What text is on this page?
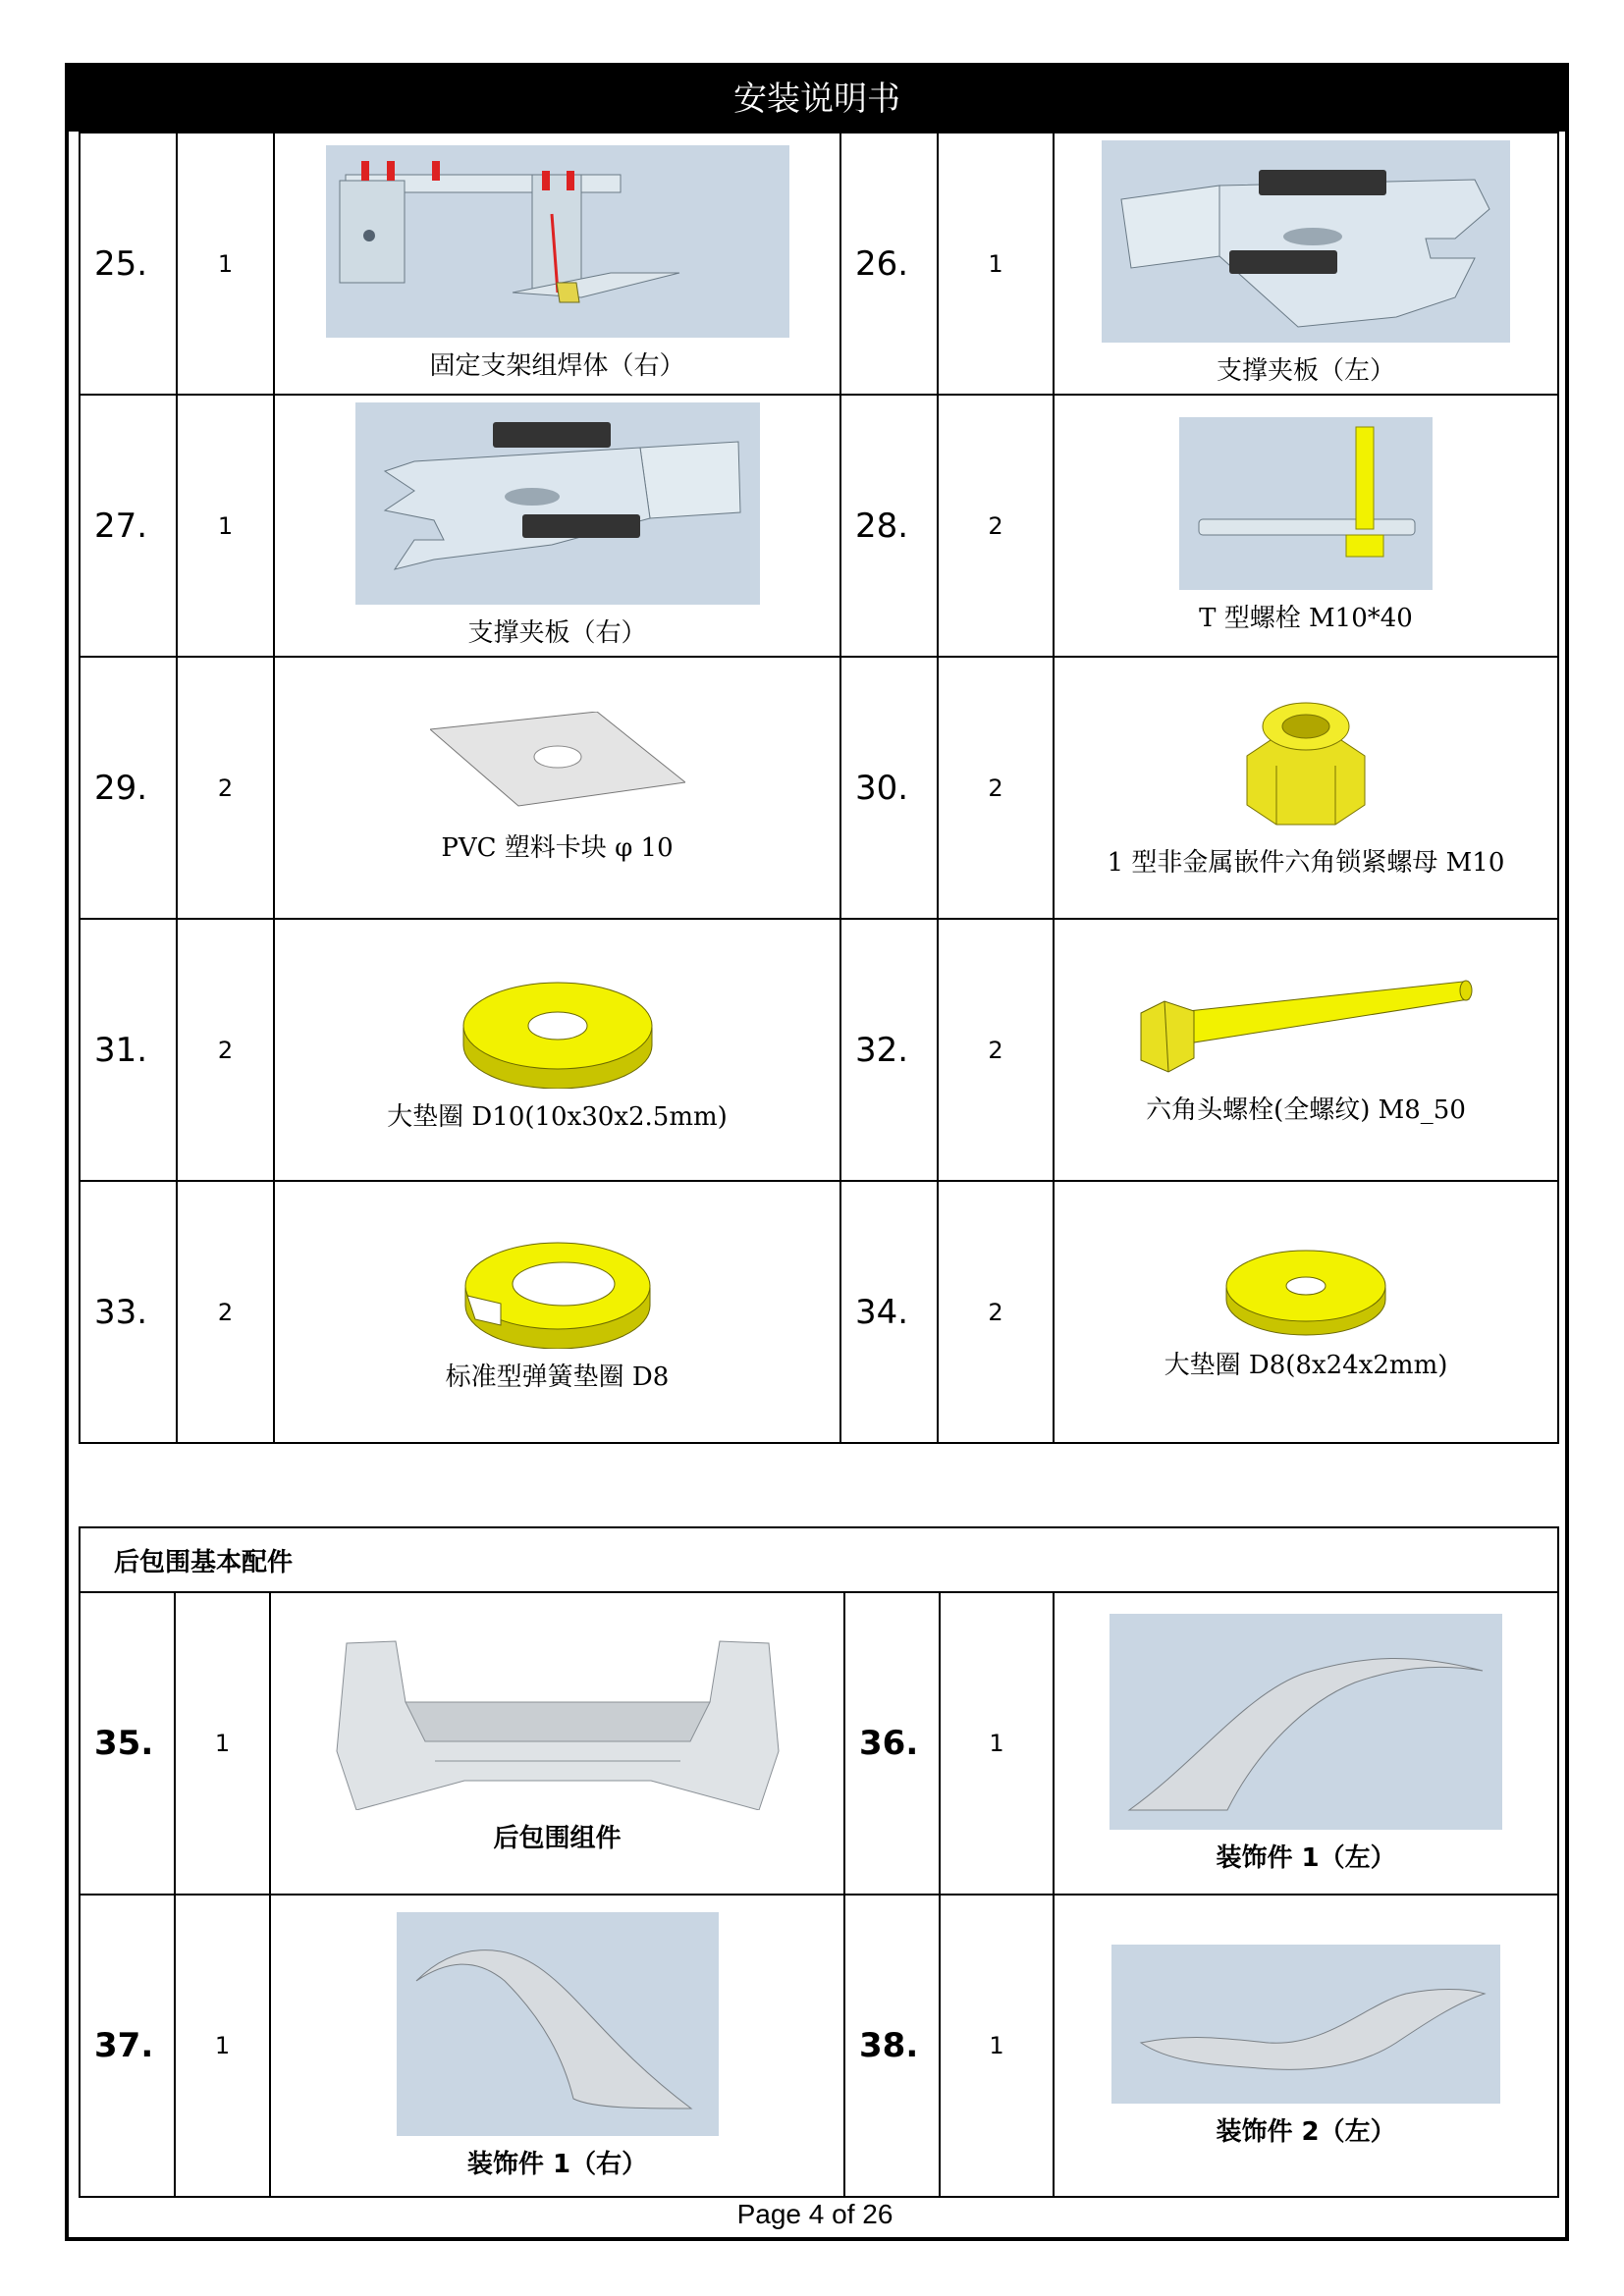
安装说明书
25.	1	固定支架组焊体（右）	26.	1	支撑夹板（左）

27.	1	支撑夹板（右）	28.	2	T 型螺栓 M10*40

29.	2	PVC 塑料卡块 φ 10	30.	2	1 型非金属嵌件六角锁紧螺母 M10

31.	2	大垫圈 D10(10x30x2.5mm)	32.	2	六角头螺栓(全螺纹) M8_50

33.	2	标准型弹簧垫圈 D8	34.	2	大垫圈 D8(8x24x2mm)
后包围基本配件					
35.	1	后包围组件	36.	1	装饰件 1（左）

37.	1	装饰件 1（右）	38.	1	装饰件 2（左）
Page 4 of 26
